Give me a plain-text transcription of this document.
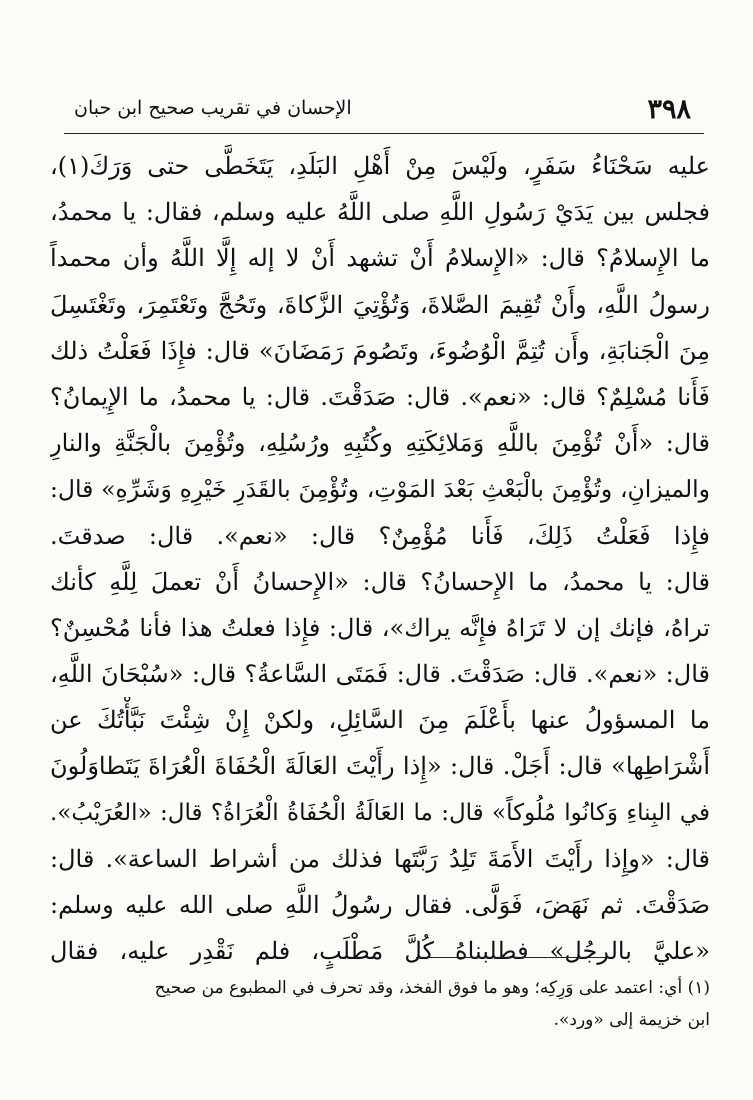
٣٩٨
الإحسان في تقريب صحيح ابن حبان
عليه سَحْنَاءُ سَفَرٍ، ولَيْسَ مِنْ أَهْلِ البَلَدِ، يَتَخَطَّى حتى وَرَكَ(١)،
فجلس بين يَدَيْ رَسُولِ اللَّهِ صلى اللَّهُ عليه وسلم، فقال: يا محمدُ،
ما الإِسلامُ؟ قال: «الإِسلامُ أَنْ تشهد أَنْ لا إله إِلَّا اللَّهُ وأن محمداً
رسولُ اللَّهِ، وأَنْ تُقِيمَ الصَّلاةَ، وَتُؤْتِيَ الزَّكاةَ، وتَحُجَّ وتَعْتَمِرَ، وتَغْتَسِلَ
مِنَ الْجَنابَةِ، وأَن تُتِمَّ الْوُضُوءَ، وتَصُومَ رَمَضَانَ» قال: فإِذَا فَعَلْتُ ذلك
فَأَنا مُسْلِمٌ؟ قال: «نعم». قال: صَدَقْتَ. قال: يا محمدُ، ما الإِيمانُ؟
قال: «أَنْ تُؤْمِنَ باللَّهِ وَمَلائِكَتِهِ وكُتُبِهِ ورُسُلِهِ، وتُؤْمِنَ بالْجَنَّةِ والنارِ
والميزانِ، وتُؤْمِنَ بالْبَعْثِ بَعْدَ المَوْتِ، وتُؤْمِنَ بالقَدَرِ خَيْرِهِ وَشَرِّهِ» قال:
فإِذا فَعَلْتُ ذَلِكَ، فَأَنا مُؤْمِنٌ؟ قال: «نعم». قال: صدقتَ.
قال: يا محمدُ، ما الإِحسانُ؟ قال: «الإِحسانُ أَنْ تعملَ لِلَّهِ كأنك
تراهُ، فإنك إن لا تَرَاهُ فإِنَّه يراك»، قال: فإِذا فعلتُ هذا فأنا مُحْسِنٌ؟
قال: «نعم». قال: صَدَقْتَ. قال: فَمَتَى السَّاعةُ؟ قال: «سُبْحَانَ اللَّهِ،
ما المسؤولُ عنها بأَعْلَمَ مِنَ السَّائِلِ، ولكنْ إِنْ شِئْتَ نَبَّأْتُكَ عن
أَشْرَاطِها» قال: أَجَلْ. قال: «إِذا رأَيْتَ العَالَةَ الْحُفَاةَ الْعُرَاةَ يَتَطاوَلُونَ
في البِناءِ وَكانُوا مُلُوكاً» قال: ما العَالَةُ الْحُفَاةُ الْعُرَاةُ؟ قال: «العُرَيْبُ».
قال: «وإِذا رأَيْتَ الأَمَةَ تَلِدُ رَبَّتَها فذلك من أشراط الساعة». قال:
صَدَقْتَ. ثم نَهَضَ، فَوَلَّى. فقال رسُولُ اللَّهِ صلى الله عليه وسلم:
«عليَّ بالرجُل» فطلبناهُ كُلَّ مَطْلَبٍ، فلم نَقْدِر عليه، فقال
(١) أي: اعتمد على وَرِكِه؛ وهو ما فوق الفخذ، وقد تحرف في المطبوع من صحيح
ابن خزيمة إلى «ورد».
